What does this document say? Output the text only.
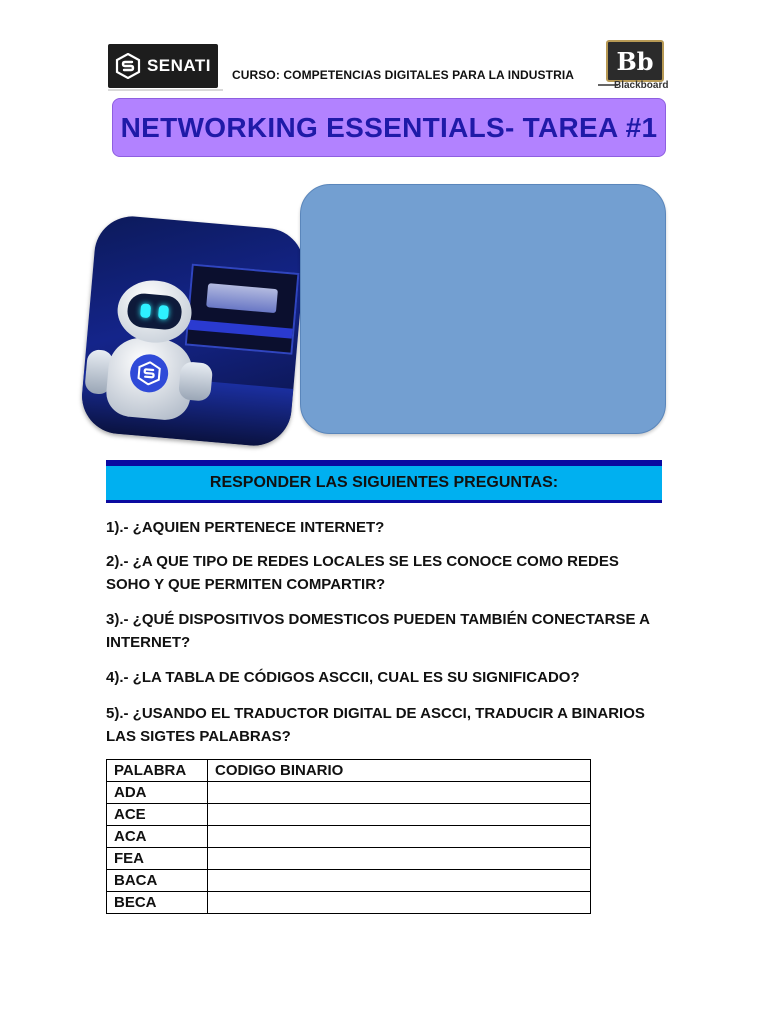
SENATI CURSO: COMPETENCIAS DIGITALES PARA LA INDUSTRIA	Bb
Blackboard
NETWORKING ESSENTIALS- TAREA #1
RESPONDER LAS SIGUIENTES PREGUNTAS:
1).- ¿AQUIEN PERTENECE INTERNET?
2).- ¿A QUE TIPO DE REDES LOCALES SE LES CONOCE COMO REDES SOHO Y QUE PERMITEN COMPARTIR?
3).- ¿QUÉ DISPOSITIVOS DOMESTICOS PUEDEN TAMBIÉN CONECTARSE A INTERNET?
4).- ¿LA TABLA DE CÓDIGOS ASCCII, CUAL ES SU SIGNIFICADO?
5).- ¿USANDO EL TRADUCTOR DIGITAL DE ASCCI, TRADUCIR A BINARIOS LAS SIGTES PALABRAS?
PALABRA	CODIGO BINARIO
ADA	
ACE	
ACA	
FEA	
BACA	
BECA	
